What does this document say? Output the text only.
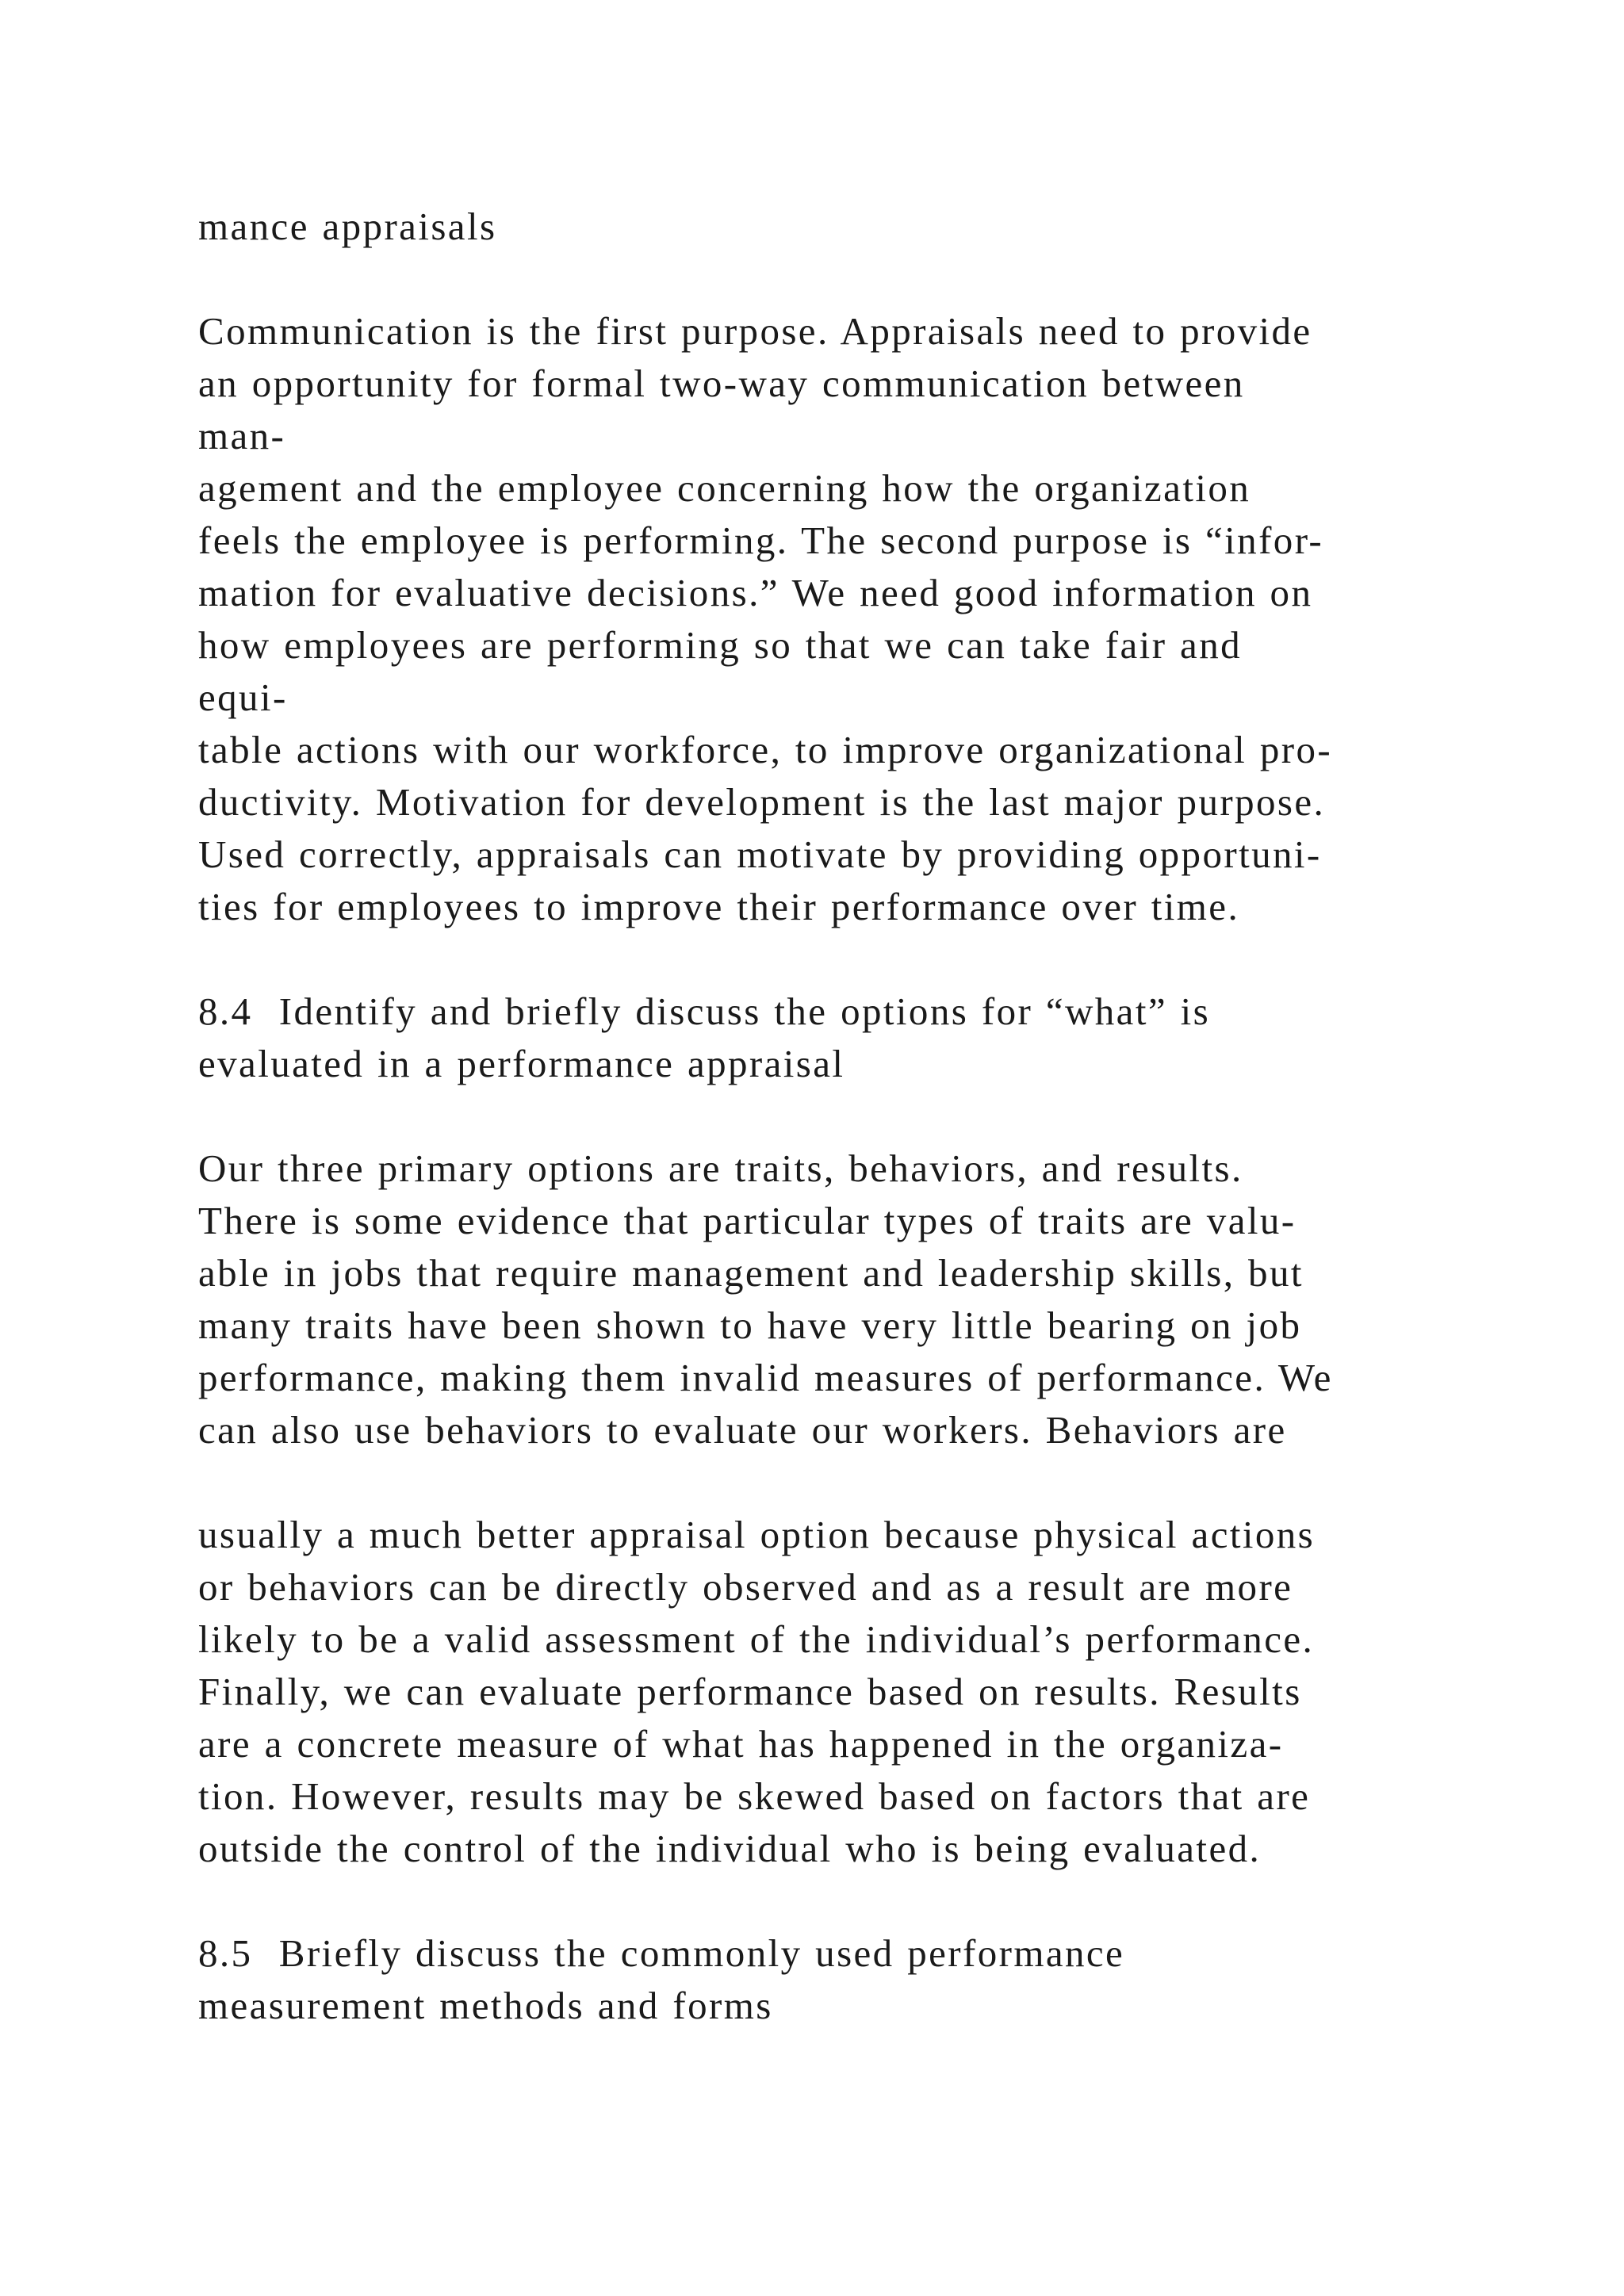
mance appraisals
Communication is the first purpose. Appraisals need to provide
an opportunity for formal two-way communication between
man-
agement and the employee concerning how the organization
feels the employee is performing. The second purpose is “infor-
mation for evaluative decisions.” We need good information on
how employees are performing so that we can take fair and
equi-
table actions with our workforce, to improve organizational pro-
ductivity. Motivation for development is the last major purpose.
Used correctly, appraisals can motivate by providing opportuni-
ties for employees to improve their performance over time.
8.4  Identify and briefly discuss the options for “what” is
evaluated in a performance appraisal
Our three primary options are traits, behaviors, and results.
There is some evidence that particular types of traits are valu-
able in jobs that require management and leadership skills, but
many traits have been shown to have very little bearing on job
performance, making them invalid measures of performance. We
can also use behaviors to evaluate our workers. Behaviors are
usually a much better appraisal option because physical actions
or behaviors can be directly observed and as a result are more
likely to be a valid assessment of the individual’s performance.
Finally, we can evaluate performance based on results. Results
are a concrete measure of what has happened in the organiza-
tion. However, results may be skewed based on factors that are
outside the control of the individual who is being evaluated.
8.5  Briefly discuss the commonly used performance
measurement methods and forms
